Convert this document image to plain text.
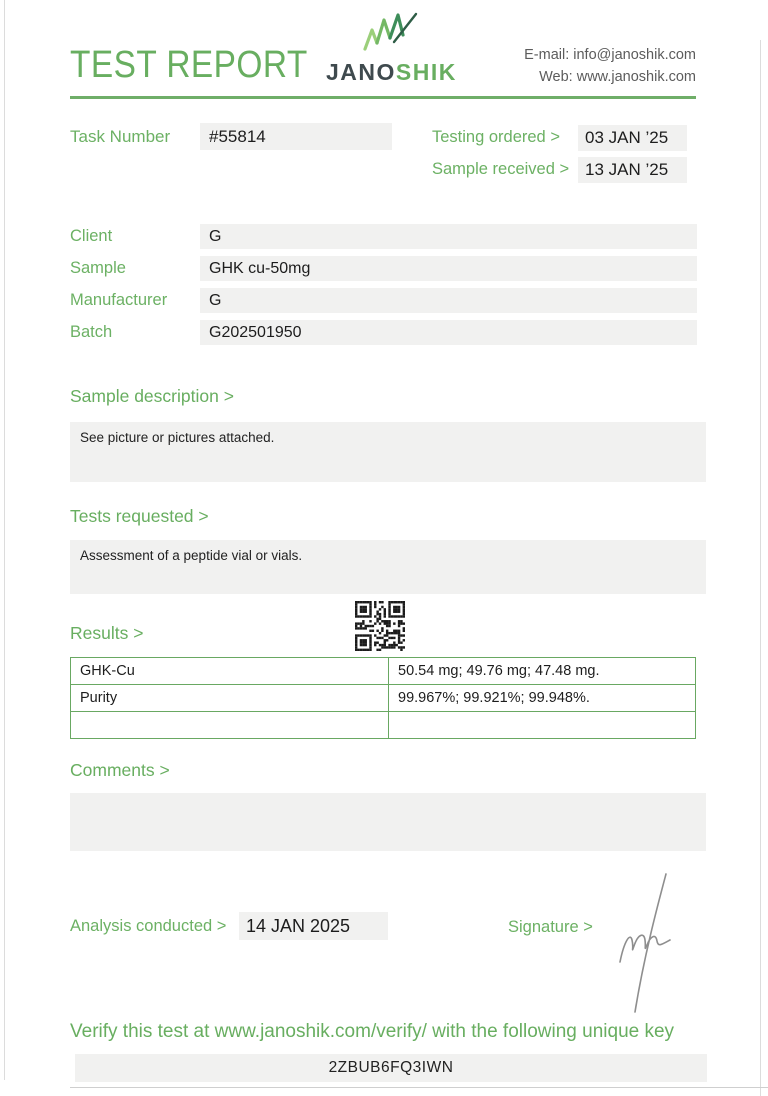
TEST REPORT JANOSHIK
E-mail: info@janoshik.com
Web: www.janoshik.com
Task Number	#55814	Testing ordered >	03 JAN ’25
Sample received > 13 JAN ’25
Client	G
Sample	GHK cu-50mg
Manufacturer	G
Batch	G202501950
Sample description >
See picture or pictures attached.
Tests requested >
Assessment of a peptide vial or vials.
Results >
GHK-Cu	50.54 mg; 49.76 mg; 47.48 mg.
Purity	99.967%; 99.921%; 99.948%.

Comments >
Analysis conducted >	14 JAN 2025	Signature >
Verify this test at www.janoshik.com/verify/ with the following unique key
2ZBUB6FQ3IWN
